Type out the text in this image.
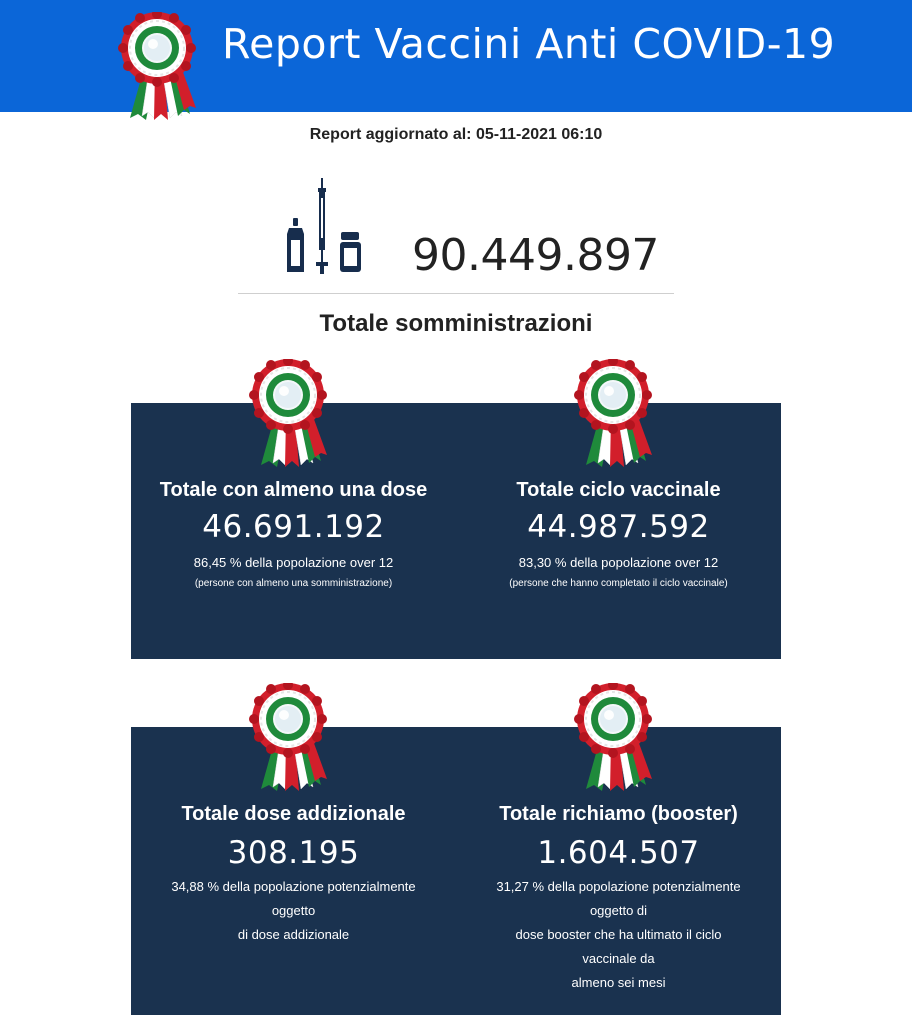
Report Vaccini Anti COVID-19
Report aggiornato al: 05-11-2021 06:10
90.449.897
Totale somministrazioni
Totale con almeno una dose
46.691.192
86,45 % della popolazione over 12
(persone con almeno una somministrazione)
Totale ciclo vaccinale
44.987.592
83,30 % della popolazione over 12
(persone che hanno completato il ciclo vaccinale)
Totale dose addizionale
308.195
34,88 % della popolazione potenzialmente
oggetto
di dose addizionale
Totale richiamo (booster)
1.604.507
31,27 % della popolazione potenzialmente
oggetto di
dose booster che ha ultimato il ciclo
vaccinale da
almeno sei mesi
